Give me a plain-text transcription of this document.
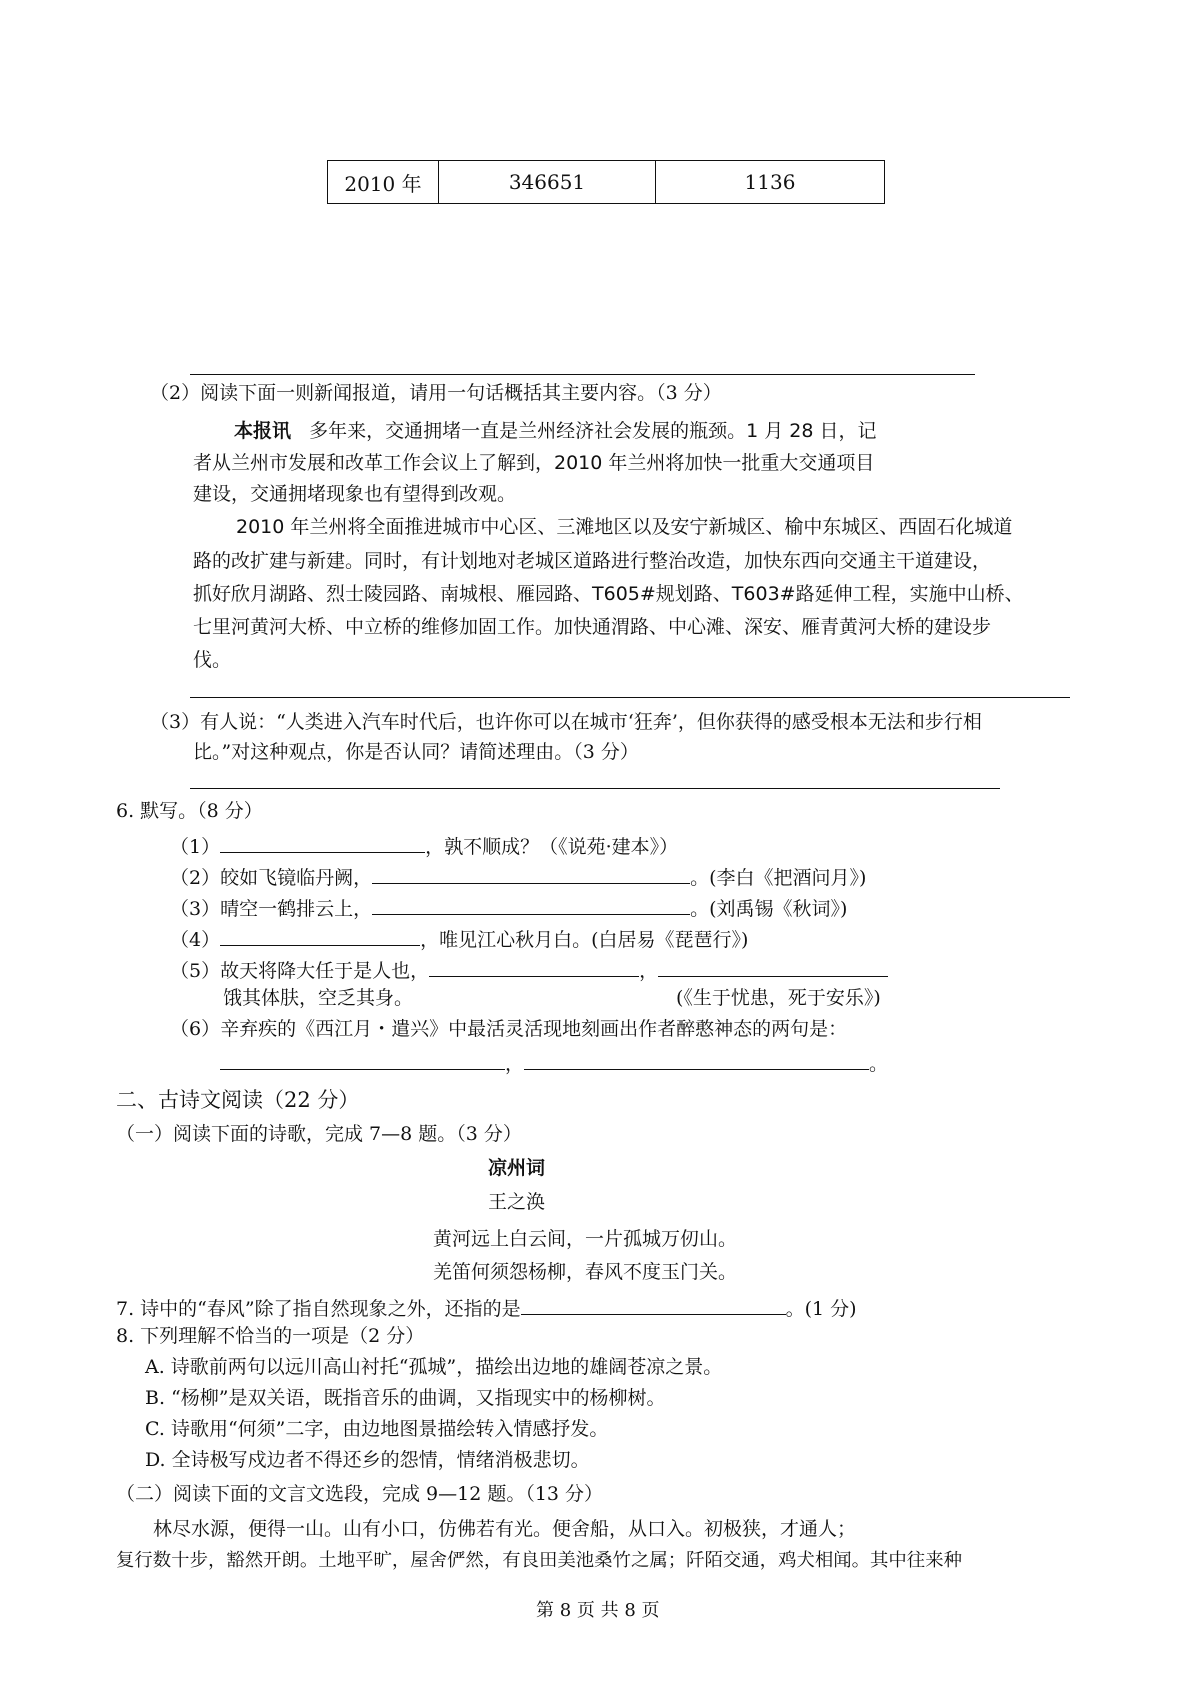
2010 年	346651	1136
（2）阅读下面一则新闻报道，请用一句话概括其主要内容。（3 分）
本报讯 多年来，交通拥堵一直是兰州经济社会发展的瓶颈。1 月 28 日，记
者从兰州市发展和改革工作会议上了解到，2010 年兰州将加快一批重大交通项目
建设，交通拥堵现象也有望得到改观。
2010 年兰州将全面推进城市中心区、三滩地区以及安宁新城区、榆中东城区、西固石化城道
路的改扩建与新建。同时，有计划地对老城区道路进行整治改造，加快东西向交通主干道建设，
抓好欣月湖路、烈士陵园路、南城根、雁园路、T605#规划路、T603#路延伸工程，实施中山桥、
七里河黄河大桥、中立桥的维修加固工作。加快通渭路、中心滩、深安、雁青黄河大桥的建设步
伐。
（3）有人说：“人类进入汽车时代后，也许你可以在城市‘狂奔’，但你获得的感受根本无法和步行相
比。”对这种观点，你是否认同？请简述理由。（3 分）
6. 默写。（8 分）
（1）	，孰不顺成？（《说苑·建本》）
（2）皎如飞镜临丹阙，	。(李白《把酒问月》)
（3）晴空一鹤排云上，	。(刘禹锡《秋词》)
（4）	，唯见江心秋月白。(白居易《琵琶行》)
（5）故天将降大任于是人也，	，
饿其体肤，空乏其身。	(《生于忧患，死于安乐》)
（6）辛弃疾的《西江月・遣兴》中最活灵活现地刻画出作者醉憨神态的两句是：
，	。
二、古诗文阅读（22 分）
（一）阅读下面的诗歌，完成 7—8 题。（3 分）
凉州词
王之涣
黄河远上白云间，一片孤城万仞山。
羌笛何须怨杨柳，春风不度玉门关。
7. 诗中的“春风”除了指自然现象之外，还指的是	。(1 分)
8. 下列理解不恰当的一项是（2 分）
A. 诗歌前两句以远川高山衬托“孤城”，描绘出边地的雄阔苍凉之景。
B. “杨柳”是双关语，既指音乐的曲调，又指现实中的杨柳树。
C. 诗歌用“何须”二字，由边地图景描绘转入情感抒发。
D. 全诗极写戍边者不得还乡的怨情，情绪消极悲切。
（二）阅读下面的文言文选段，完成 9—12 题。（13 分）
林尽水源，便得一山。山有小口，仿佛若有光。便舍船，从口入。初极狭，才通人；
复行数十步，豁然开朗。土地平旷，屋舍俨然，有良田美池桑竹之属；阡陌交通，鸡犬相闻。其中往来种
第 8 页 共 8 页
